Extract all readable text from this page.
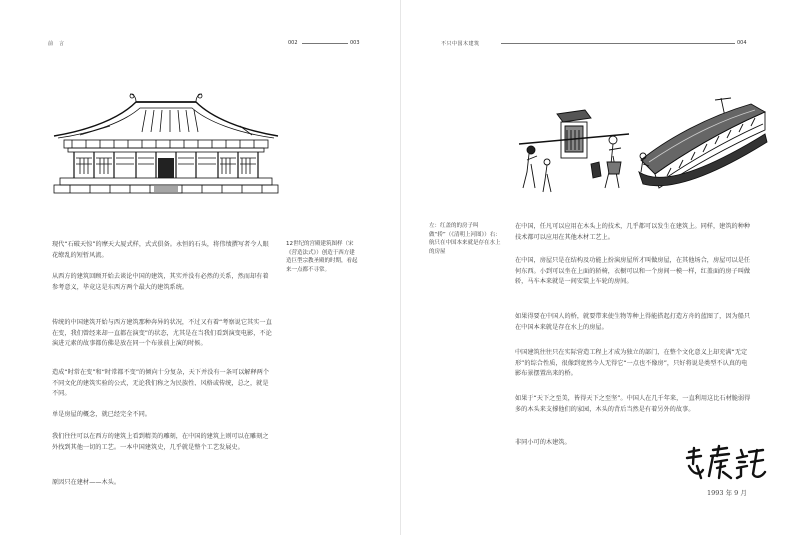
前　言	002	003

12世纪的宫殿建筑图样（宋《营造法式》）创造于西方建造巨型宗教圣殿的时期，看起来一点都不寻常。

现代“石破天惊”的摩天大厦式样，式式俱备。永恒的石头，将伟绩撰写者令人眼花缭乱的短暂风流。

从西方的建筑回顾开始去谈论中国的建筑，其实并没有必然的关系，然而却有着参考意义，毕竟这是东西方两个最大的建筑系统。

传统的中国建筑开始与西方建筑那种奔异的状况，不过又有着“考察说它其实一直在变，我们曾经来却一直都在演变”的状态，尤其是在当我们看到演变电影，不论演进元素的故事都仿佛是放在同一个布景前上演的时候。

造成“时常在变”和“时常都不变”的倾向十分复杂，天下并没有一条可以解释两个不同文化的建筑实验的公式，无论我们称之为民族性、风格或传统，总之，就是不同。

单是房屋的概念，就已经完全不同。

我们往往可以在西方的建筑上看到精美的雕刻，在中国的建筑上则可以在雕刻之外找到其他一切的工艺。一本中国建筑史，几乎就是整个工艺发展史。

原因只在建材——木头。

不只中国木建筑	004

左：红盖的的房子叫做“轿”（《清明上河图》）右：航只在中国本来就是存在水上的房屋

在中国，任凡可以应用在木头上的技术，几乎都可以发生在建筑上。同样，建筑的种种技术都可以应用在其他木材工艺上。

在中国，房屋只是在结构及功能上扮演房屋所才叫做房屋，在其他场合，房屋可以是任何东西。小到可以坐在上面的轿椅，衣橱可以和一个房间一模一样，红盖面的房子叫做轿，马车本来就是一间安装上车轮的房间。

如果得要在中国人的桥，就要带来使生物等种上得能搭起打造方舟的蓝图了，因为船只在中国本来就是存在水上的房屋。

中国建筑往往只在实际营造工程上才成为独立的部门，在整个文化意义上却充满“无定形”的综合性质，很像到宽然今人无得它“一点也不像房”，只好将说是类型不认真的电影布景摆置出来的桥。

如果于“天下之至美，皆得天下之至坚”。中国人在几千年来，一直利用这比石材脆弱得多的木头来支撑他们的家园，木头的背后当然是有着另外的故事。

非同小可的木建筑。

1993 年 9 月
